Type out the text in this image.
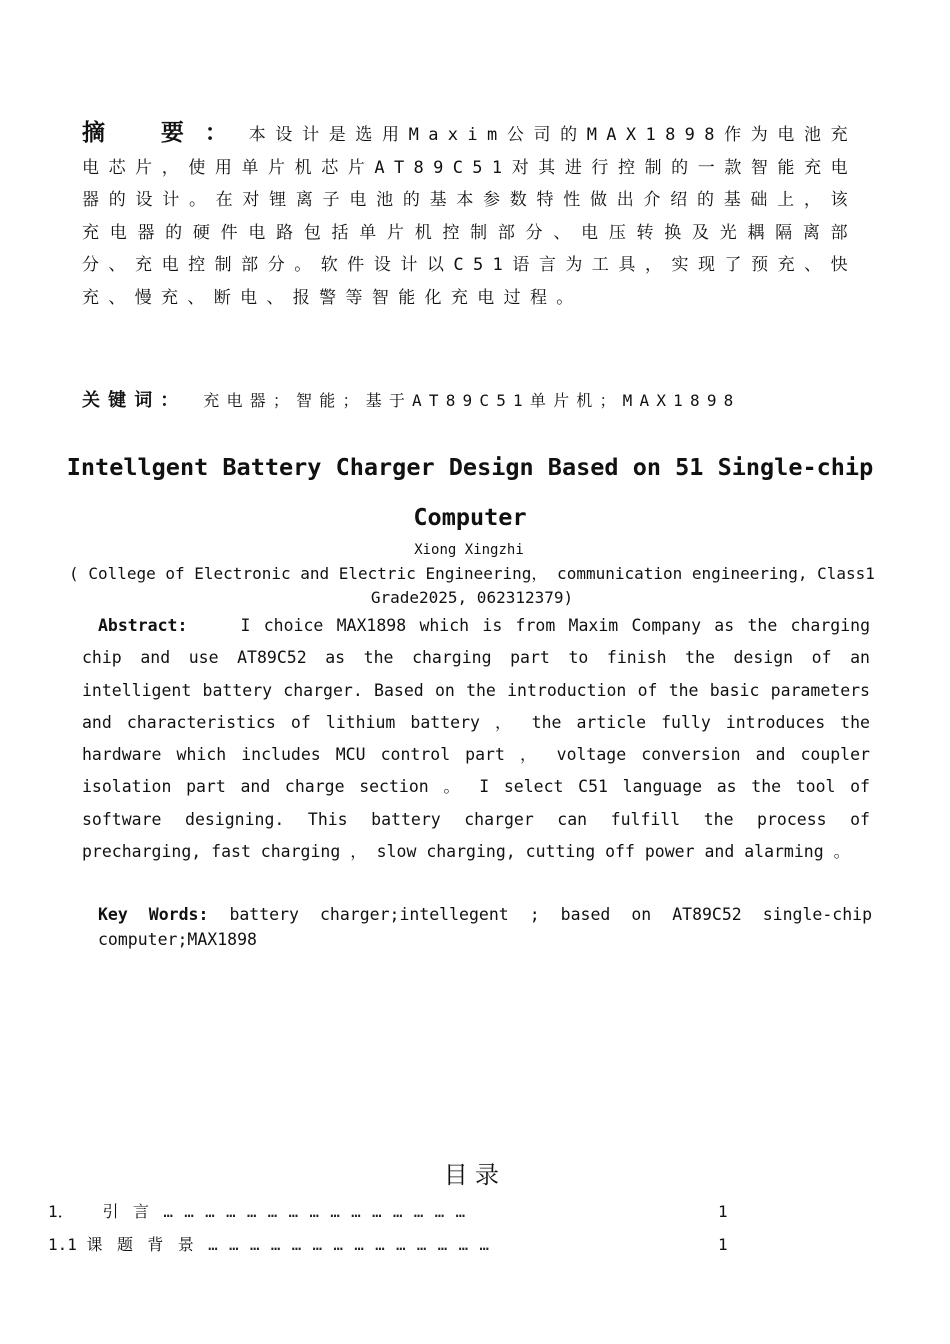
摘 要：本设计是选用Maxim公司的MAX1898作为电池充电芯片，使用单片机芯片AT89C51对其进行控制的一款智能充电器的设计。在对锂离子电池的基本参数特性做出介绍的基础上，该充电器的硬件电路包括单片机控制部分、电压转换及光耦隔离部分、充电控制部分。软件设计以C51语言为工具，实现了预充、快充、慢充、断电、报警等智能化充电过程。
关键词： 充电器；智能；基于AT89C51单片机；MAX1898
Intellgent Battery Charger Design Based on 51 Single-chip Computer
Xiong Xingzhi
( College of Electronic and Electric Engineering， communication engineering, Class1 Grade2025, 062312379)
Abstract:	I choice MAX1898 which is from Maxim Company as the charging chip and use AT89C52 as the charging part to finish the design of an intelligent battery charger. Based on the introduction of the basic parameters and characteristics of lithium battery ， the article fully introduces the hardware which includes MCU control part ， voltage conversion and coupler isolation part and charge section 。 I select C51 language as the tool of software designing. This battery charger can fulfill the process of precharging, fast charging ， slow charging, cutting off power and alarming 。
Key Words: battery charger;intellegent ; based on AT89C52 single-chip computer;MAX1898
目录
1． 引言… … … … … … … … … … … … … … …	1
1.1 课题背景… … … … … … … … … … … … … …	1
